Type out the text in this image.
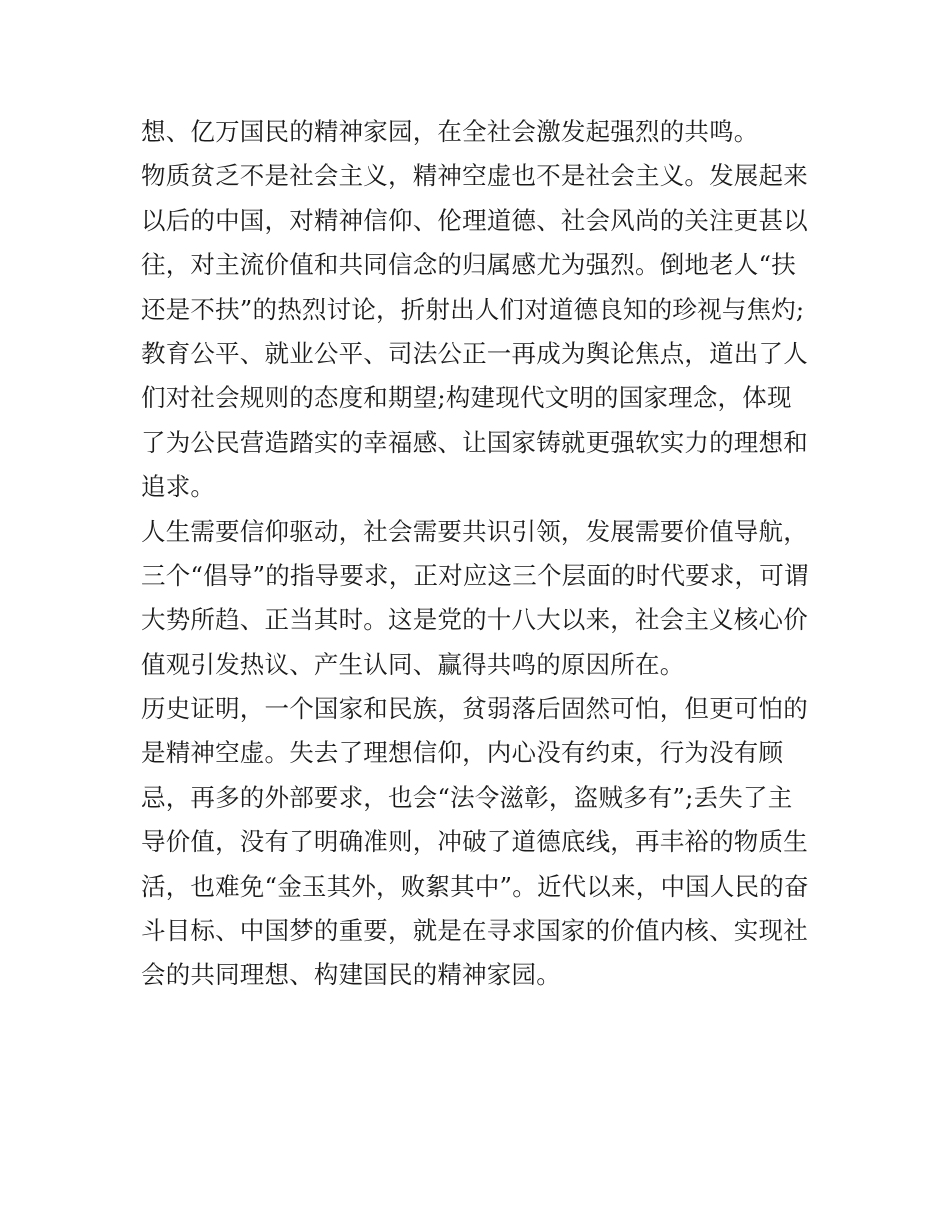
想、亿万国民的精神家园，在全社会激发起强烈的共鸣。
物质贫乏不是社会主义，精神空虚也不是社会主义。发展起来
以后的中国，对精神信仰、伦理道德、社会风尚的关注更甚以
往，对主流价值和共同信念的归属感尤为强烈。倒地老人“扶
还是不扶”的热烈讨论，折射出人们对道德良知的珍视与焦灼;
教育公平、就业公平、司法公正一再成为舆论焦点，道出了人
们对社会规则的态度和期望;构建现代文明的国家理念，体现
了为公民营造踏实的幸福感、让国家铸就更强软实力的理想和
追求。
人生需要信仰驱动，社会需要共识引领，发展需要价值导航，
三个“倡导”的指导要求，正对应这三个层面的时代要求，可谓
大势所趋、正当其时。这是党的十八大以来，社会主义核心价
值观引发热议、产生认同、赢得共鸣的原因所在。
历史证明，一个国家和民族，贫弱落后固然可怕，但更可怕的
是精神空虚。失去了理想信仰，内心没有约束，行为没有顾
忌，再多的外部要求，也会“法令滋彰，盗贼多有”;丢失了主
导价值，没有了明确准则，冲破了道德底线，再丰裕的物质生
活，也难免“金玉其外，败絮其中”。近代以来，中国人民的奋
斗目标、中国梦的重要，就是在寻求国家的价值内核、实现社
会的共同理想、构建国民的精神家园。
